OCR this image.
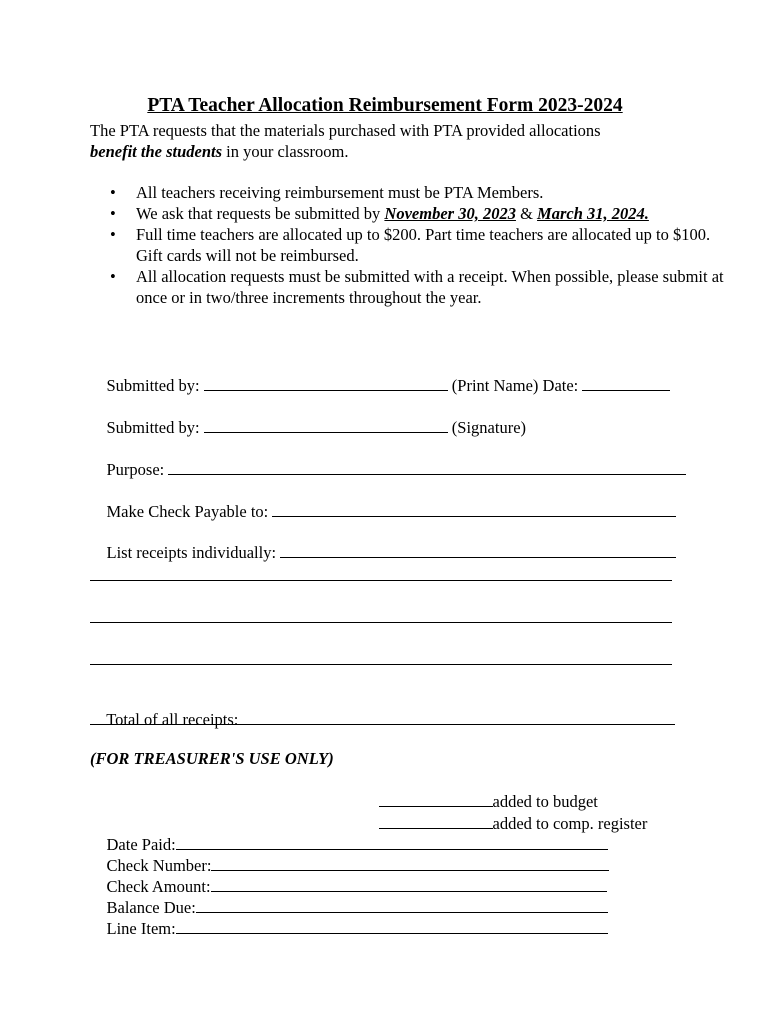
PTA Teacher Allocation Reimbursement Form 2023-2024
The PTA requests that the materials purchased with PTA provided allocations
benefit the students in your classroom.
• All teachers receiving reimbursement must be PTA Members.
• We ask that requests be submitted by November 30, 2023 & March 31, 2024.
• Full time teachers are allocated up to $200. Part time teachers are allocated up to $100. Gift cards will not be reimbursed.
• All allocation requests must be submitted with a receipt. When possible, please submit at once or in two/three increments throughout the year.

Submitted by:	(Print Name) Date:

Submitted by:	(Signature)

Purpose:

Make Check Payable to:

List receipts individually:

Total of all receipts:

(FOR TREASURER'S USE ONLY)

added to budget

added to comp. register

Date Paid:

Check Number:

Check Amount:

Balance Due:

Line Item:
